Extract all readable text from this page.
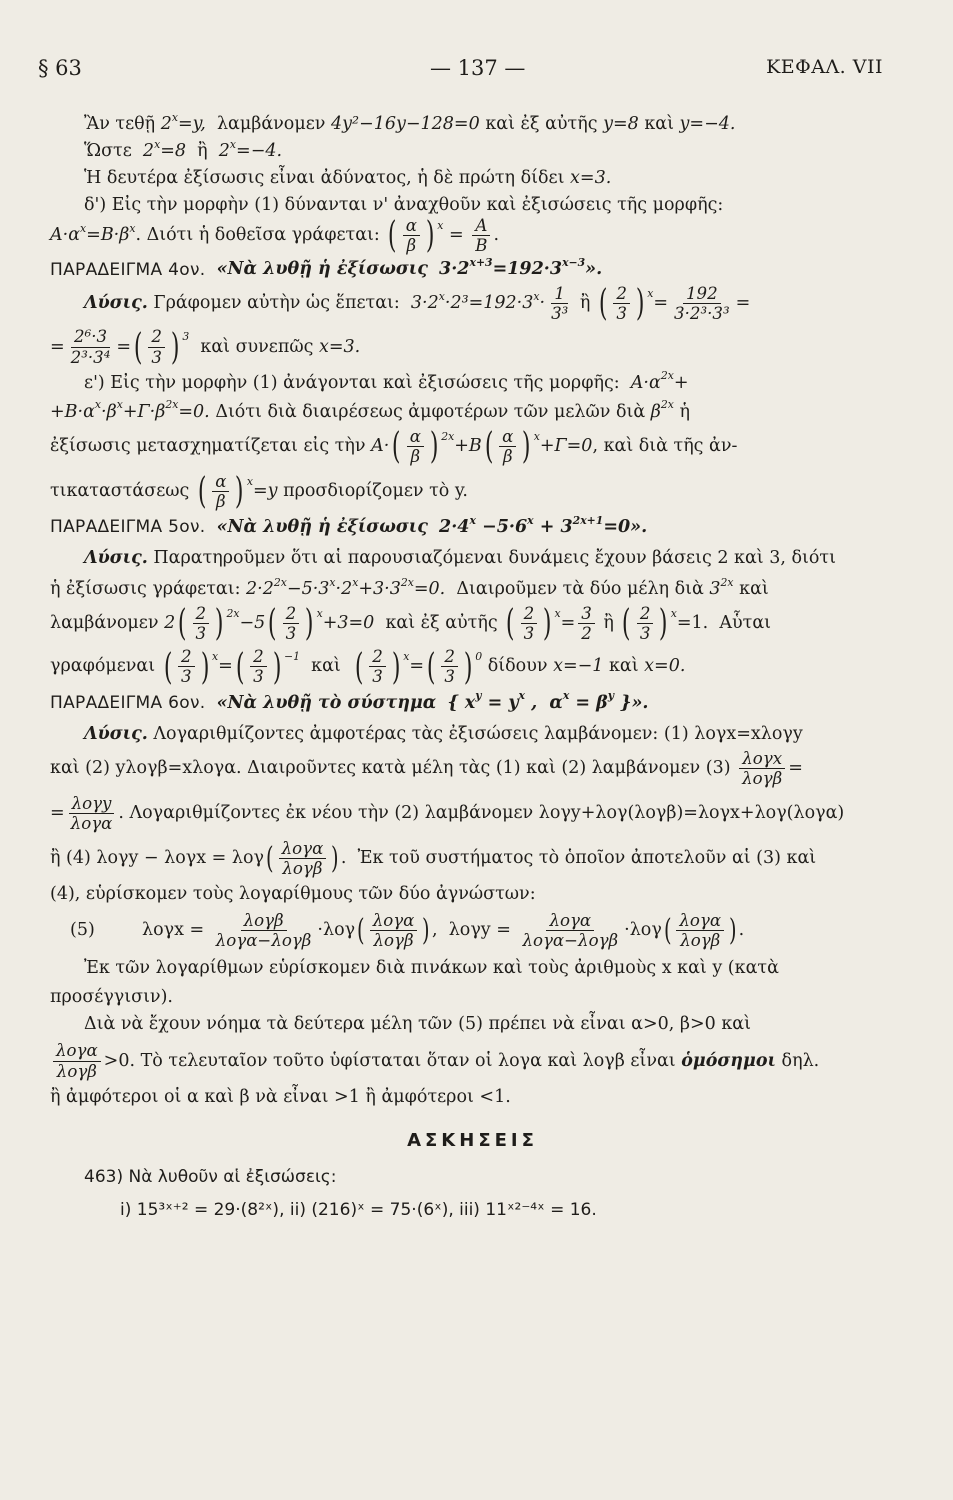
§ 63	— 137 —	ΚΕΦΑΛ. VII
Ἂν τεθῇ
$2^x=y$,
λαμβάνομεν
4y²−16y−128=0
καὶ ἐξ αὐτῆς
y=8 καὶ y=−4.
Ὥστε
$2^x=8$
ἢ
$2^x=-4$.
Ἡ δευτέρα ἐξίσωσις εἶναι ἀδύνατος, ἡ δὲ πρώτη δίδει
x=3.
δ') Εἰς τὴν μορφὴν (1) δύνανται ν' ἀναχθοῦν καὶ ἐξισώσεις τῆς μορφῆς:
$A\cdot\alpha^x=B\cdot\beta^x$ . Διότι ἡ δοθεῖσα γράφεται:
( $\frac{\alpha}{\beta}$ ) $^x = \frac{A}{B}$ .
ΠΑΡΑΔΕΙΓΜΑ 4ον.
«Νὰ λυθῇ ἡ ἐξίσωσις
$3\cdot 2^{x+3}=192\cdot 3^{x-3}$».
Λύσις.
Γράφομεν αὐτὴν ὡς ἕπεται:
$3\cdot 2^x\cdot 2^3=192\cdot 3^x\cdot \frac{1}{\text{3³}}$
ἢ
( $\frac{2}{3}$ ) $^x = \frac{192}{\text{3·2³·3³}}$ =
= $\frac{\text{2⁶·3}}{\text{2³·3⁴}}$ = ( $\frac{2}{3}$ ) $^3$
καὶ συνεπῶς
x=3.
ε') Εἰς τὴν μορφὴν (1) ἀνάγονται καὶ ἐξισώσεις τῆς μορφῆς:
$A\cdot\alpha^{2x}+$
$+B\cdot\alpha^x\cdot\beta^x+\Gamma\cdot\beta^{2x}=0$.
Διότι διὰ διαιρέσεως ἀμφοτέρων τῶν μελῶν διὰ
$\beta^{2x}$ ἡ
ἐξίσωσις μετασχηματίζεται εἰς τὴν
A· ( $\frac{\alpha}{\beta}$ ) $^{2x}$ +B ( $\frac{\alpha}{\beta}$ ) $^x$ +Γ=0 , καὶ διὰ τῆς ἀν-
τικαταστάσεως
( $\frac{\alpha}{\beta}$ ) $^x$ =y
προσδιορίζομεν τὸ y.
ΠΑΡΑΔΕΙΓΜΑ 5ον.
«Νὰ λυθῇ ἡ ἐξίσωσις
$2\cdot 4^x -5\cdot 6^x + 3^{2x+1}=0$».
Λύσις.
Παρατηροῦμεν ὅτι αἱ παρουσιαζόμεναι δυνάμεις ἔχουν βάσεις 2 καὶ 3, διότι
ἡ ἐξίσωσις γράφεται:
$2\cdot 2^{2x}-5\cdot 3^x\cdot 2^x+3\cdot 3^{2x}=0$.
Διαιροῦμεν τὰ δύο μέλη διὰ
$3^{2x}$
καὶ
λαμβάνομεν
2 ( $\frac{2}{3}$ ) $^{2x}$ −5 ( $\frac{2}{3}$ ) $^x$ +3=0
καὶ ἐξ αὐτῆς
( $\frac{2}{3}$ ) $^x = \frac{3}{2}$ ἢ ( $\frac{2}{3}$ ) $^x$ =1.
Αὗται
γραφόμεναι
( $\frac{2}{3}$ ) $^x$ = ( $\frac{2}{3}$ ) $^{-1}$
καὶ
( $\frac{2}{3}$ ) $^x$ = ( $\frac{2}{3}$ ) $^0$
δίδουν
x=−1 καὶ x=0.
ΠΑΡΑΔΕΙΓΜΑ 6ον.
«Νὰ λυθῇ τὸ σύστημα
{ $x^y = y^x$ ,  $\alpha^x = \beta^y$ }».
Λύσις.
Λογαριθμίζοντες ἀμφοτέρας τὰς ἐξισώσεις λαμβάνομεν: (1) λογx=xλογy
καὶ (2) yλογβ=xλογα. Διαιροῦντες κατὰ μέλη τὰς (1) καὶ (2) λαμβάνομεν (3)
$\frac{\text{λογx}}{\text{λογβ}}$ =
= $\frac{\text{λογy}}{\text{λογα}}$ .
Λογαριθμίζοντες ἐκ νέου τὴν (2) λαμβάνομεν λογy+λογ(λογβ)=λογx+λογ(λογα)
ἢ (4) λογy − λογx = λογ ( $\frac{\text{λογα}}{\text{λογβ}}$ ) .
Ἐκ τοῦ συστήματος τὸ ὁποῖον ἀποτελοῦν αἱ (3) καὶ
(4), εὑρίσκομεν τοὺς λογαρίθμους τῶν δύο ἀγνώστων:
(5)	λογx =
$\frac{\text{λογβ}}{\text{λογα−λογβ}} \cdot\lambda o\gamma$ ( $\frac{\text{λογα}}{\text{λογβ}}$ ) ,
λογy =
$\frac{\text{λογα}}{\text{λογα−λογβ}} \cdot\lambda o\gamma$ ( $\frac{\text{λογα}}{\text{λογβ}}$ ) .
Ἐκ τῶν λογαρίθμων εὑρίσκομεν διὰ πινάκων καὶ τοὺς ἀριθμοὺς x καὶ y (κατὰ
προσέγγισιν).
Διὰ νὰ ἔχουν νόημα τὰ δεύτερα μέλη τῶν (5) πρέπει νὰ εἶναι α>0, β>0 καὶ
$\frac{\text{λογα}}{\text{λογβ}} >0$.
Τὸ τελευταῖον τοῦτο ὑφίσταται ὅταν οἱ λογα καὶ λογβ εἶναι
ὁμόσημοι
δηλ.
ἢ ἀμφότεροι οἱ α καὶ β νὰ εἶναι >1 ἢ ἀμφότεροι <1.
ΑΣΚΗΣΕΙΣ
463) Νὰ λυθοῦν αἱ ἐξισώσεις:
i) 15³ˣ⁺² = 29·(8²ˣ), ii) (216)ˣ = 75·(6ˣ), iii) 11ˣ²⁻⁴ˣ = 16.
